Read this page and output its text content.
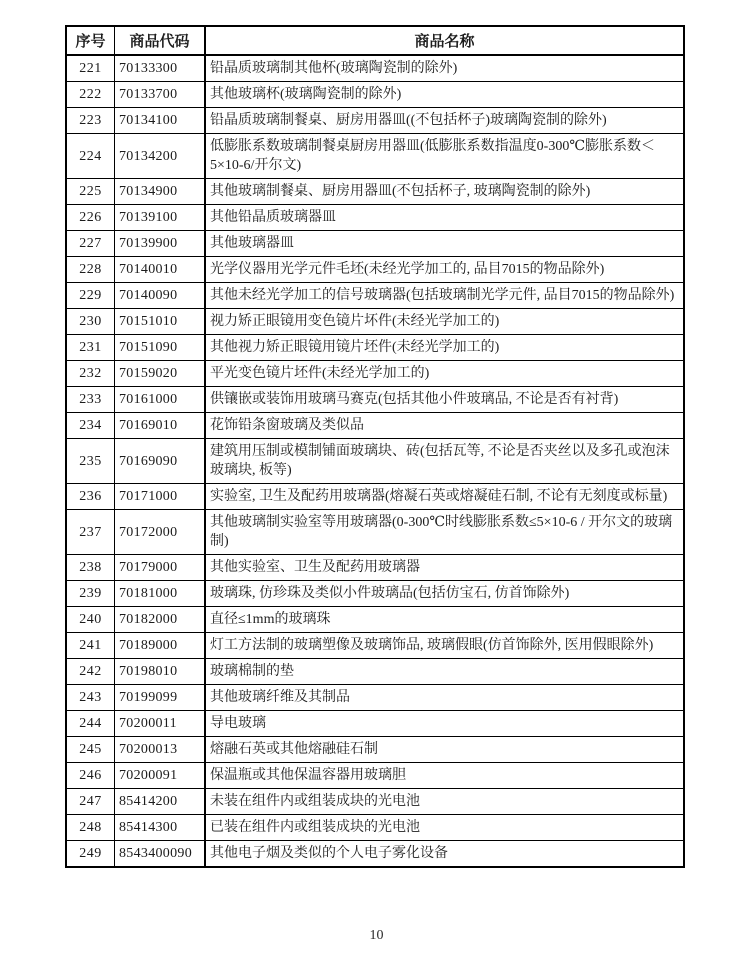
序号	商品代码	商品名称
221	70133300	铅晶质玻璃制其他杯(玻璃陶瓷制的除外)
222	70133700	其他玻璃杯(玻璃陶瓷制的除外)
223	70134100	铅晶质玻璃制餐桌、厨房用器皿((不包括杯子)玻璃陶瓷制的除外)
224	70134200	低膨胀系数玻璃制餐桌厨房用器皿(低膨胀系数指温度0-300℃膨胀系数＜5×10-6/开尔文)
225	70134900	其他玻璃制餐桌、厨房用器皿(不包括杯子, 玻璃陶瓷制的除外)
226	70139100	其他铅晶质玻璃器皿
227	70139900	其他玻璃器皿
228	70140010	光学仪器用光学元件毛坯(未经光学加工的, 品目7015的物品除外)
229	70140090	其他未经光学加工的信号玻璃器(包括玻璃制光学元件, 品目7015的物品除外)
230	70151010	视力矫正眼镜用变色镜片坏件(未经光学加工的)
231	70151090	其他视力矫正眼镜用镜片坯件(未经光学加工的)
232	70159020	平光变色镜片坯件(未经光学加工的)
233	70161000	供镶嵌或装饰用玻璃马赛克(包括其他小件玻璃品, 不论是否有衬背)
234	70169010	花饰铅条窗玻璃及类似品
235	70169090	建筑用压制或模制铺面玻璃块、砖(包括瓦等, 不论是否夹丝以及多孔或泡沫玻璃块, 板等)
236	70171000	实验室, 卫生及配药用玻璃器(熔凝石英或熔凝硅石制, 不论有无刻度或标量)
237	70172000	其他玻璃制实验室等用玻璃器(0-300℃时线膨胀系数≤5×10-6 / 开尔文的玻璃制)
238	70179000	其他实验室、卫生及配药用玻璃器
239	70181000	玻璃珠, 仿珍珠及类似小件玻璃品(包括仿宝石, 仿首饰除外)
240	70182000	直径≤1mm的玻璃珠
241	70189000	灯工方法制的玻璃塑像及玻璃饰品, 玻璃假眼(仿首饰除外, 医用假眼除外)
242	70198010	玻璃棉制的垫
243	70199099	其他玻璃纤维及其制品
244	70200011	导电玻璃
245	70200013	熔融石英或其他熔融硅石制
246	70200091	保温瓶或其他保温容器用玻璃胆
247	85414200	未装在组件内或组装成块的光电池
248	85414300	已装在组件内或组装成块的光电池
249	8543400090	其他电子烟及类似的个人电子雾化设备
10
